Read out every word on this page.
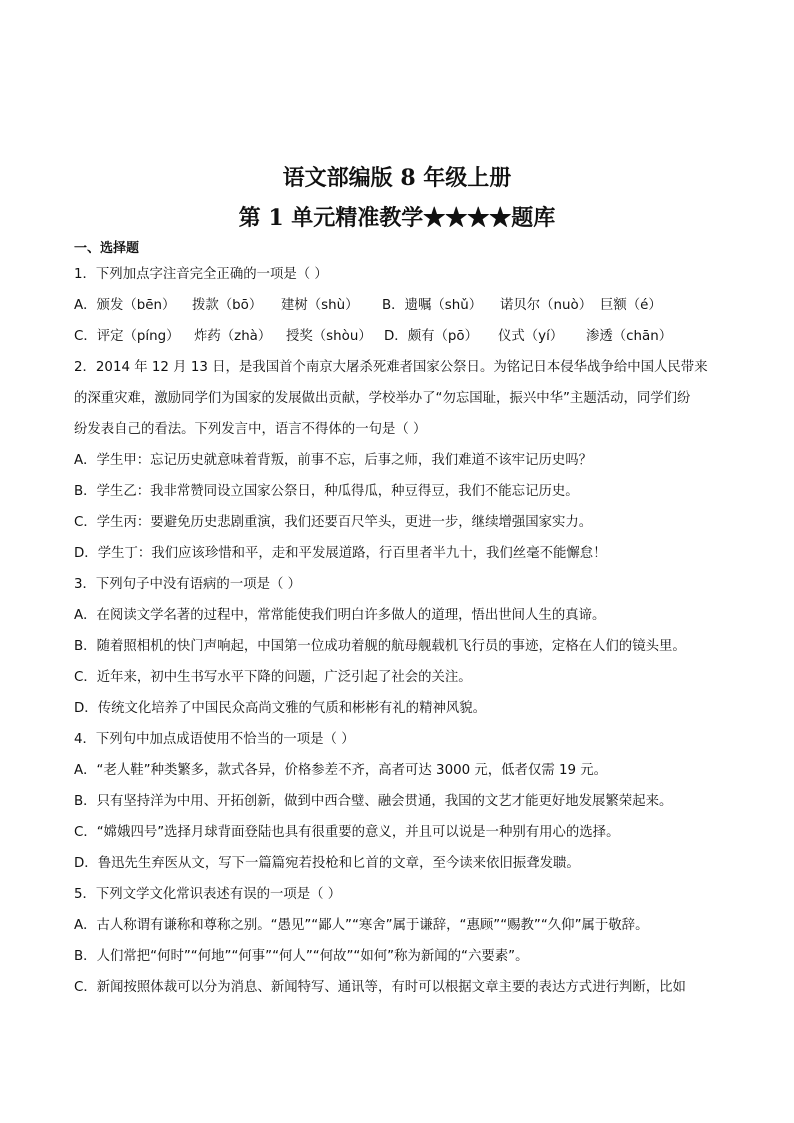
语文部编版 8 年级上册
第 1 单元精准教学★★★★题库
一、选择题
1．下列加点字注音完全正确的一项是（ ）
A．颁发（bēn） 拨款（bō） 建树（shù） B．遗嘱（shǔ） 诺贝尔（nuò） 巨额（é）
C．评定（píng） 炸药（zhà） 授奖（shòu） D．颇有（pō） 仪式（yí） 渗透（chān）
2．2014 年 12 月 13 日，是我国首个南京大屠杀死难者国家公祭日。为铭记日本侵华战争给中国人民带来
的深重灾难，激励同学们为国家的发展做出贡献，学校举办了“勿忘国耻，振兴中华”主题活动，同学们纷
纷发表自己的看法。下列发言中，语言不得体的一句是（ ）
A．学生甲：忘记历史就意味着背叛，前事不忘，后事之师，我们难道不该牢记历史吗？
B．学生乙：我非常赞同设立国家公祭日，种瓜得瓜，种豆得豆，我们不能忘记历史。
C．学生丙：要避免历史悲剧重演，我们还要百尺竿头，更进一步，继续增强国家实力。
D．学生丁：我们应该珍惜和平，走和平发展道路，行百里者半九十，我们丝毫不能懈怠！
3．下列句子中没有语病的一项是（ ）
A．在阅读文学名著的过程中，常常能使我们明白许多做人的道理，悟出世间人生的真谛。
B．随着照相机的快门声响起，中国第一位成功着舰的航母舰载机飞行员的事迹，定格在人们的镜头里。
C．近年来，初中生书写水平下降的问题，广泛引起了社会的关注。
D．传统文化培养了中国民众高尚文雅的气质和彬彬有礼的精神风貌。
4．下列句中加点成语使用不恰当的一项是（ ）
A．“老人鞋”种类繁多，款式各异，价格参差不齐，高者可达 3000 元，低者仅需 19 元。
B．只有坚持洋为中用、开拓创新，做到中西合璧、融会贯通，我国的文艺才能更好地发展繁荣起来。
C．“嫦娥四号”选择月球背面登陆也具有很重要的意义，并且可以说是一种别有用心的选择。
D．鲁迅先生弃医从文，写下一篇篇宛若投枪和匕首的文章，至今读来依旧振聋发聩。
5．下列文学文化常识表述有误的一项是（ ）
A．古人称谓有谦称和尊称之别。“愚见”“鄙人”“寒舍”属于谦辞，“惠顾”“赐教”“久仰”属于敬辞。
B．人们常把“何时”“何地”“何事”“何人”“何故”“如何”称为新闻的“六要素”。
C．新闻按照体裁可以分为消息、新闻特写、通讯等，有时可以根据文章主要的表达方式进行判断，比如
